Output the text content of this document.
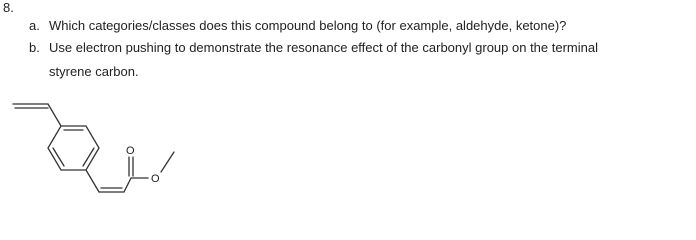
8.
a. Which categories/classes does this compound belong to (for example, aldehyde, ketone)?
b. Use electron pushing to demonstrate the resonance effect of the carbonyl group on the terminal
styrene carbon.
O
O
